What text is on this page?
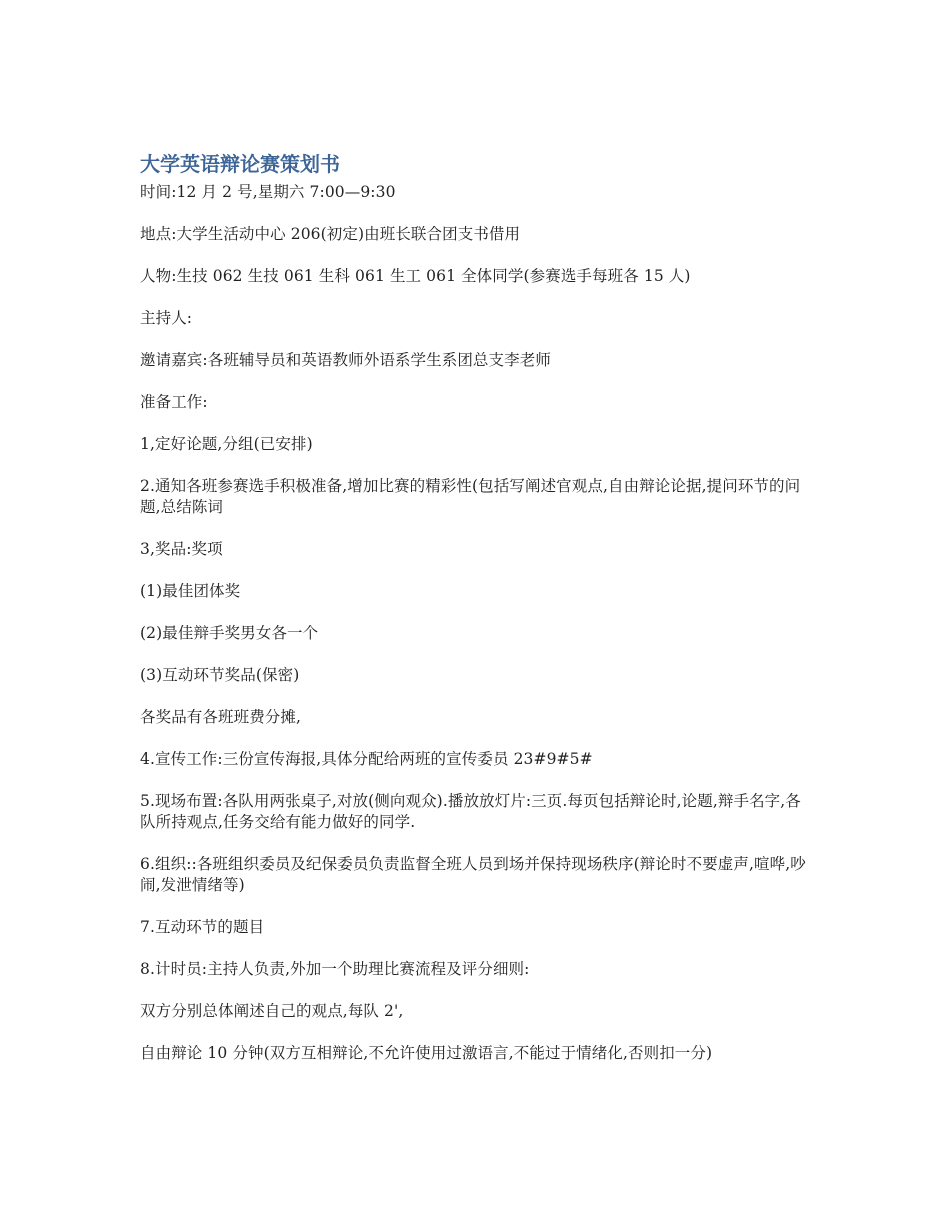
大学英语辩论赛策划书

时间:12 月 2 号,星期六 7:00—9:30

地点:大学生活动中心 206(初定)由班长联合团支书借用

人物:生技 062 生技 061 生科 061 生工 061 全体同学(参赛选手每班各 15 人)

主持人:

邀请嘉宾:各班辅导员和英语教师外语系学生系团总支李老师

准备工作:

1,定好论题,分组(已安排)

2.通知各班参赛选手积极准备,增加比赛的精彩性(包括写阐述官观点,自由辩论论据,提问环节的问题,总结陈词

3,奖品:奖项

(1)最佳团体奖

(2)最佳辩手奖男女各一个

(3)互动环节奖品(保密)

各奖品有各班班费分摊,

4.宣传工作:三份宣传海报,具体分配给两班的宣传委员 23#9#5#

5.现场布置:各队用两张桌子,对放(侧向观众).播放放灯片:三页.每页包括辩论时,论题,辩手名字,各队所持观点,任务交给有能力做好的同学.

6.组织::各班组织委员及纪保委员负责监督全班人员到场并保持现场秩序(辩论时不要虚声,喧哗,吵闹,发泄情绪等)

7.互动环节的题目

8.计时员:主持人负责,外加一个助理比赛流程及评分细则:

双方分别总体阐述自己的观点,每队 2',

自由辩论 10 分钟(双方互相辩论,不允许使用过激语言,不能过于情绪化,否则扣一分)
